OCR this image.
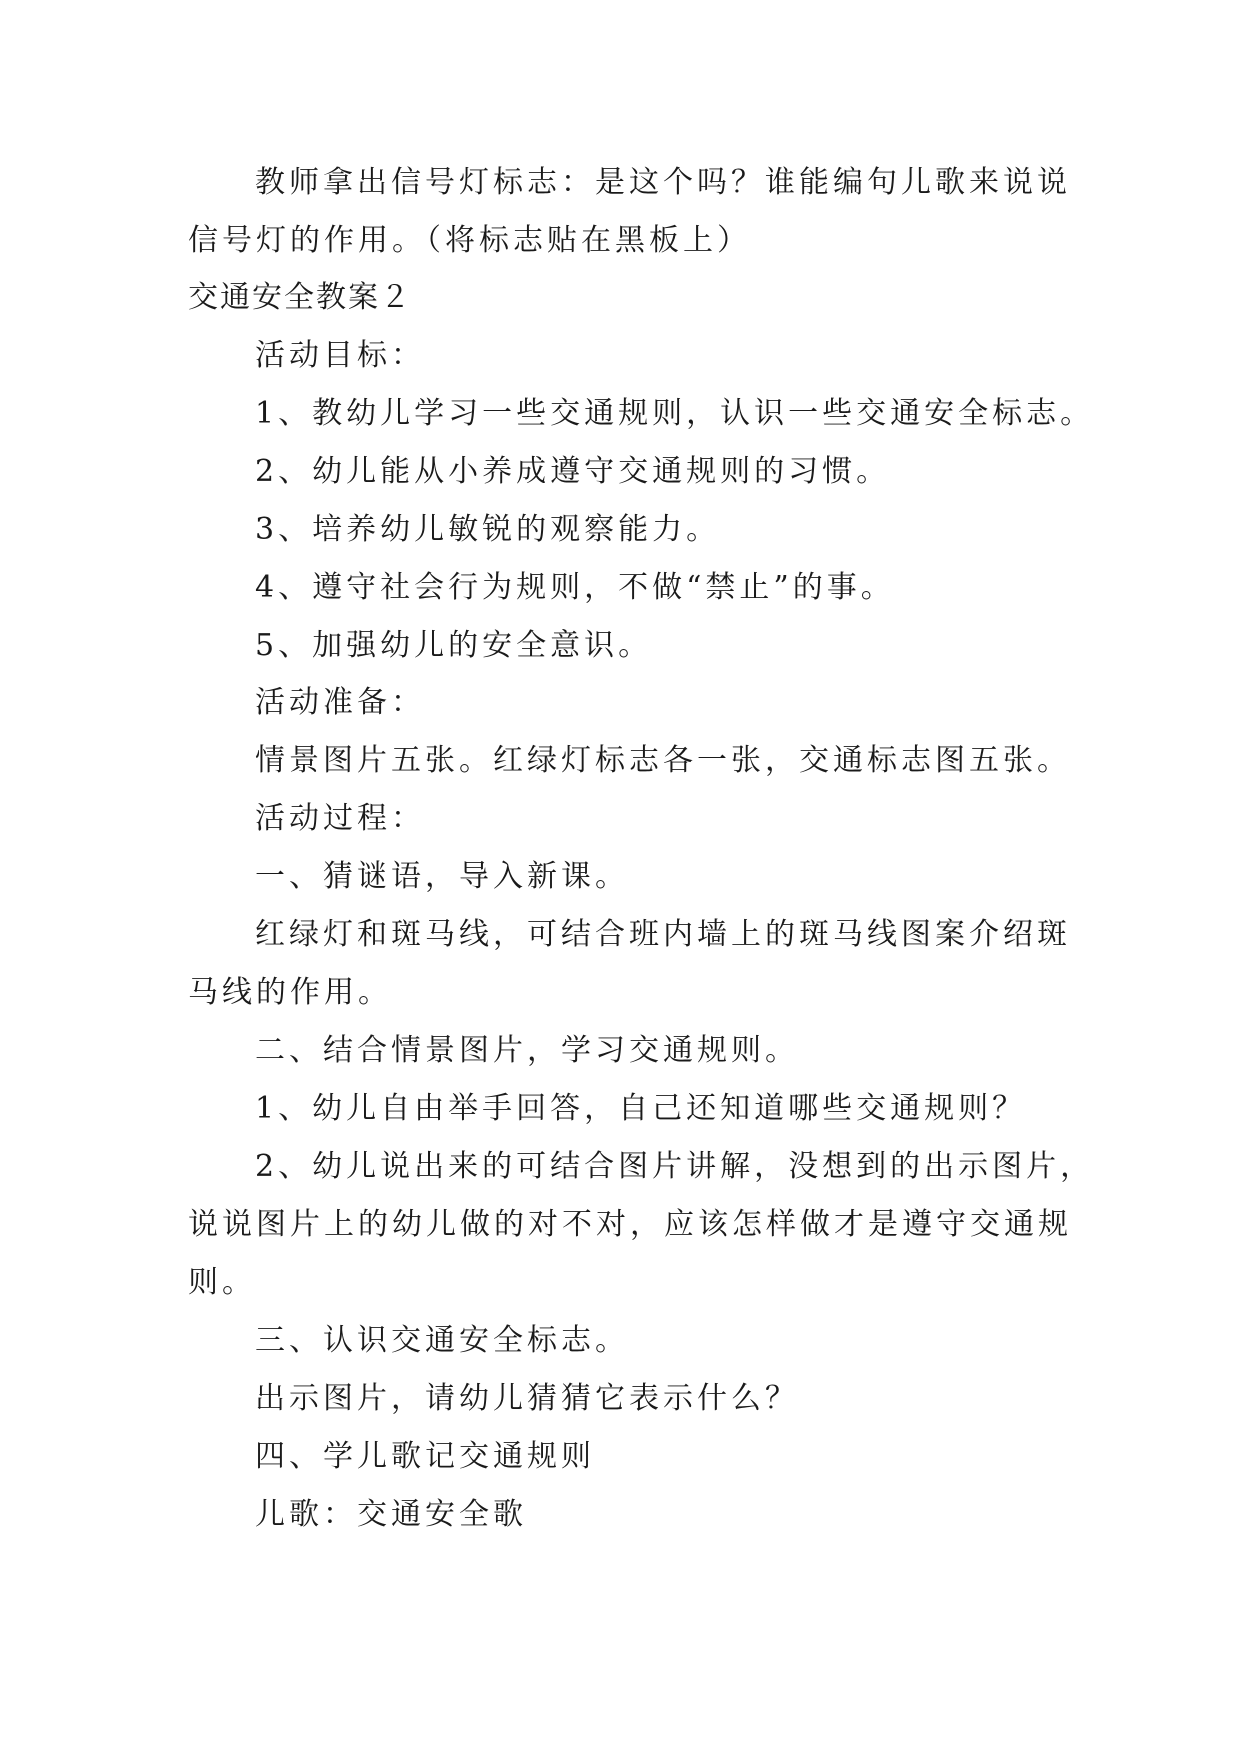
教师拿出信号灯标志：是这个吗？谁能编句儿歌来说说
信号灯的作用。（将标志贴在黑板上）
交通安全教案２
活动目标：
1、教幼儿学习一些交通规则，认识一些交通安全标志。
2、幼儿能从小养成遵守交通规则的习惯。
3、培养幼儿敏锐的观察能力。
4、遵守社会行为规则，不做“禁止”的事。
5、加强幼儿的安全意识。
活动准备：
情景图片五张。红绿灯标志各一张，交通标志图五张。
活动过程：
一、猜谜语，导入新课。
红绿灯和斑马线，可结合班内墙上的斑马线图案介绍斑
马线的作用。
二、结合情景图片，学习交通规则。
1、幼儿自由举手回答，自己还知道哪些交通规则？
2、幼儿说出来的可结合图片讲解，没想到的出示图片，
说说图片上的幼儿做的对不对，应该怎样做才是遵守交通规
则。
三、认识交通安全标志。
出示图片，请幼儿猜猜它表示什么？
四、学儿歌记交通规则
儿歌：交通安全歌
